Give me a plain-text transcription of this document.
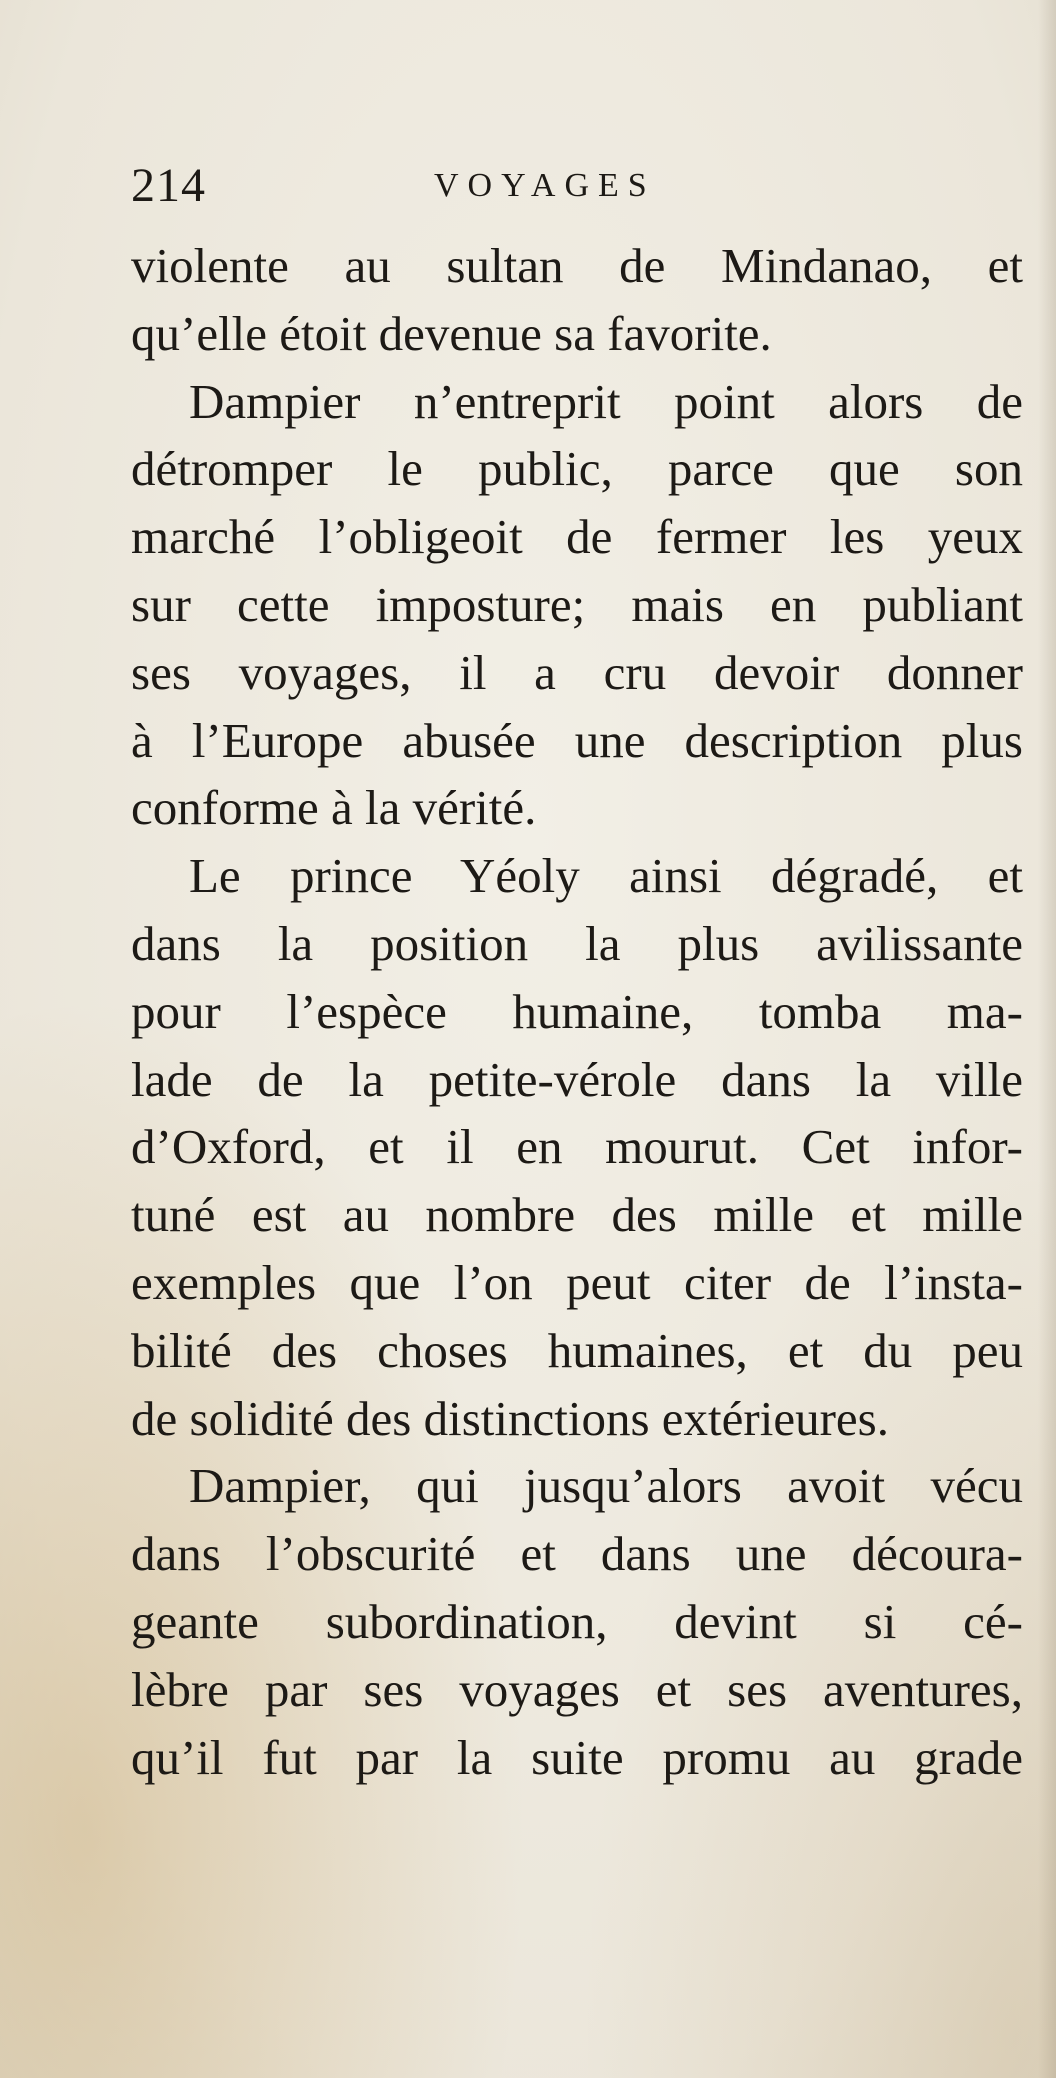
214	VOYAGES
violente au sultan de Mindanao, et
qu’elle étoit devenue sa favorite.
Dampier n’entreprit point alors de
détromper le public, parce que son
marché l’obligeoit de fermer les yeux
sur cette imposture; mais en publiant
ses voyages, il a cru devoir donner
à l’Europe abusée une description plus
conforme à la vérité.
Le prince Yéoly ainsi dégradé, et
dans la position la plus avilissante
pour l’espèce humaine, tomba ma-
lade de la petite-vérole dans la ville
d’Oxford, et il en mourut. Cet infor-
tuné est au nombre des mille et mille
exemples que l’on peut citer de l’insta-
bilité des choses humaines, et du peu
de solidité des distinctions extérieures.
Dampier, qui jusqu’alors avoit vécu
dans l’obscurité et dans une découra-
geante subordination, devint si cé-
lèbre par ses voyages et ses aventures,
qu’il fut par la suite promu au grade
